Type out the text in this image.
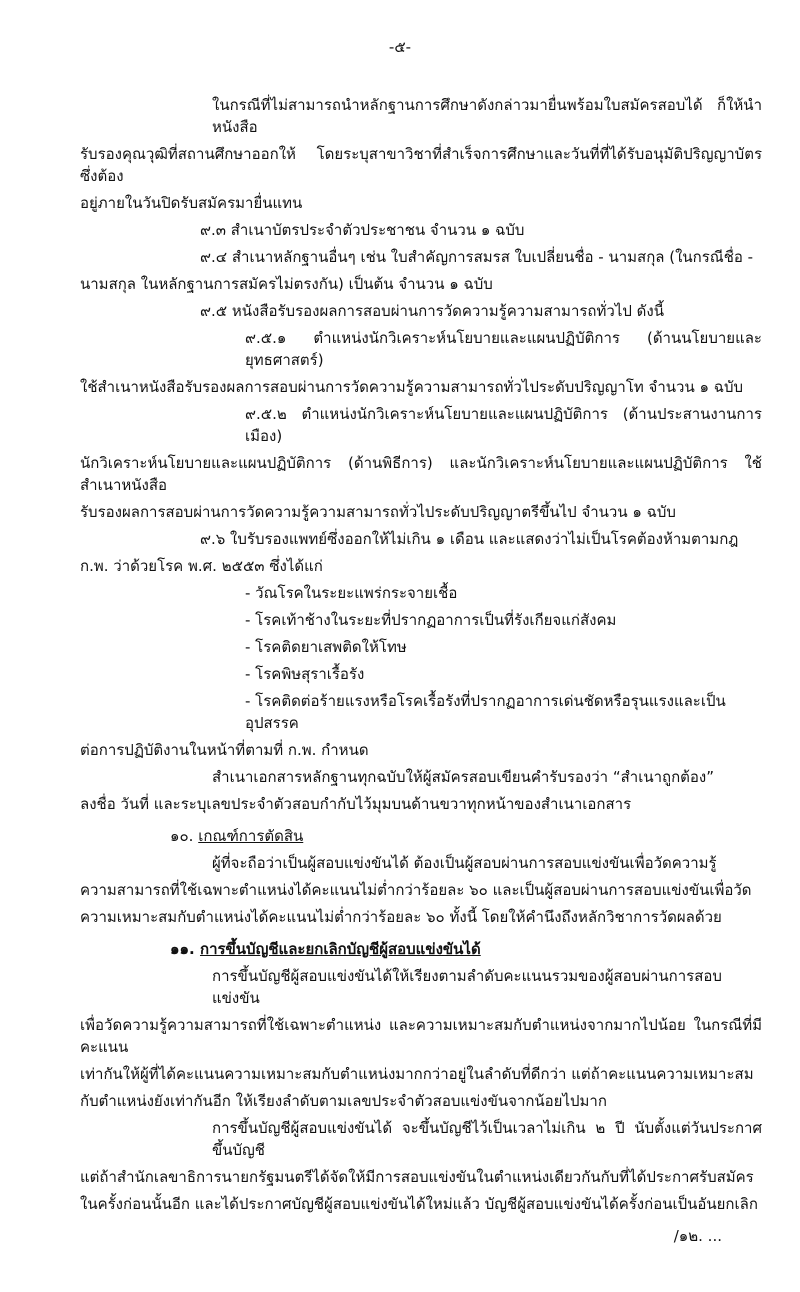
-๕-
ในกรณีที่ไม่สามารถนำหลักฐานการศึกษาดังกล่าวมายื่นพร้อมใบสมัครสอบได้ ก็ให้นำหนังสือ
รับรองคุณวุฒิที่สถานศึกษาออกให้ โดยระบุสาขาวิชาที่สำเร็จการศึกษาและวันที่ที่ได้รับอนุมัติปริญญาบัตร ซึ่งต้อง
อยู่ภายในวันปิดรับสมัครมายื่นแทน
๙.๓ สำเนาบัตรประจำตัวประชาชน จำนวน ๑ ฉบับ
๙.๔ สำเนาหลักฐานอื่นๆ เช่น ใบสำคัญการสมรส ใบเปลี่ยนชื่อ - นามสกุล (ในกรณีชื่อ -
นามสกุล ในหลักฐานการสมัครไม่ตรงกัน) เป็นต้น จำนวน ๑ ฉบับ
๙.๕ หนังสือรับรองผลการสอบผ่านการวัดความรู้ความสามารถทั่วไป ดังนี้
๙.๕.๑ ตำแหน่งนักวิเคราะห์นโยบายและแผนปฏิบัติการ (ด้านนโยบายและยุทธศาสตร์)
ใช้สำเนาหนังสือรับรองผลการสอบผ่านการวัดความรู้ความสามารถทั่วไประดับปริญญาโท จำนวน ๑ ฉบับ
๙.๕.๒ ตำแหน่งนักวิเคราะห์นโยบายและแผนปฏิบัติการ (ด้านประสานงานการเมือง)
นักวิเคราะห์นโยบายและแผนปฏิบัติการ (ด้านพิธีการ) และนักวิเคราะห์นโยบายและแผนปฏิบัติการ ใช้สำเนาหนังสือ
รับรองผลการสอบผ่านการวัดความรู้ความสามารถทั่วไประดับปริญญาตรีขึ้นไป จำนวน ๑ ฉบับ
๙.๖ ใบรับรองแพทย์ซึ่งออกให้ไม่เกิน ๑ เดือน และแสดงว่าไม่เป็นโรคต้องห้ามตามกฎ
ก.พ. ว่าด้วยโรค พ.ศ. ๒๕๕๓ ซึ่งได้แก่
- วัณโรคในระยะแพร่กระจายเชื้อ
- โรคเท้าช้างในระยะที่ปรากฏอาการเป็นที่รังเกียจแก่สังคม
- โรคติดยาเสพติดให้โทษ
- โรคพิษสุราเรื้อรัง
- โรคติดต่อร้ายแรงหรือโรคเรื้อรังที่ปรากฏอาการเด่นชัดหรือรุนแรงและเป็นอุปสรรค
ต่อการปฏิบัติงานในหน้าที่ตามที่ ก.พ. กำหนด
สำเนาเอกสารหลักฐานทุกฉบับให้ผู้สมัครสอบเขียนคำรับรองว่า “สำเนาถูกต้อง”
ลงชื่อ วันที่ และระบุเลขประจำตัวสอบกำกับไว้มุมบนด้านขวาทุกหน้าของสำเนาเอกสาร
๑๐. เกณฑ์การตัดสิน
ผู้ที่จะถือว่าเป็นผู้สอบแข่งขันได้ ต้องเป็นผู้สอบผ่านการสอบแข่งขันเพื่อวัดความรู้
ความสามารถที่ใช้เฉพาะตำแหน่งได้คะแนนไม่ต่ำกว่าร้อยละ ๖๐ และเป็นผู้สอบผ่านการสอบแข่งขันเพื่อวัด
ความเหมาะสมกับตำแหน่งได้คะแนนไม่ต่ำกว่าร้อยละ ๖๐ ทั้งนี้ โดยให้คำนึงถึงหลักวิชาการวัดผลด้วย
๑๑. การขึ้นบัญชีและยกเลิกบัญชีผู้สอบแข่งขันได้
การขึ้นบัญชีผู้สอบแข่งขันได้ให้เรียงตามลำดับคะแนนรวมของผู้สอบผ่านการสอบแข่งขัน
เพื่อวัดความรู้ความสามารถที่ใช้เฉพาะตำแหน่ง และความเหมาะสมกับตำแหน่งจากมากไปน้อย ในกรณีที่มีคะแนน
เท่ากันให้ผู้ที่ได้คะแนนความเหมาะสมกับตำแหน่งมากกว่าอยู่ในลำดับที่ดีกว่า แต่ถ้าคะแนนความเหมาะสม
กับตำแหน่งยังเท่ากันอีก ให้เรียงลำดับตามเลขประจำตัวสอบแข่งขันจากน้อยไปมาก
การขึ้นบัญชีผู้สอบแข่งขันได้ จะขึ้นบัญชีไว้เป็นเวลาไม่เกิน ๒ ปี นับตั้งแต่วันประกาศขึ้นบัญชี
แต่ถ้าสำนักเลขาธิการนายกรัฐมนตรีได้จัดให้มีการสอบแข่งขันในตำแหน่งเดียวกันกับที่ได้ประกาศรับสมัคร
ในครั้งก่อนนั้นอีก และได้ประกาศบัญชีผู้สอบแข่งขันได้ใหม่แล้ว บัญชีผู้สอบแข่งขันได้ครั้งก่อนเป็นอันยกเลิก
/๑๒. ...
